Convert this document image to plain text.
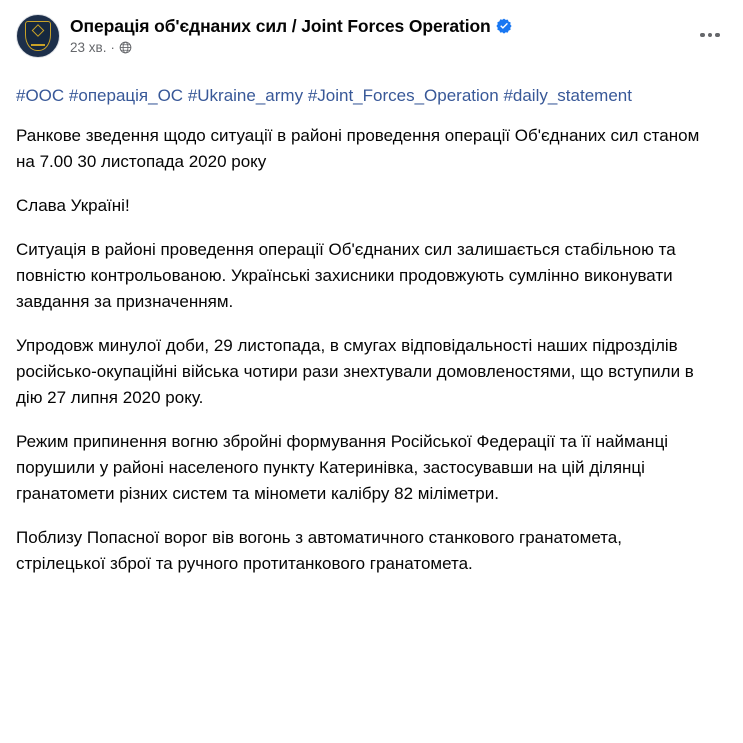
Операція об'єднаних сил / Joint Forces Operation
23 хв. ·
#ООС #операція_ОС #Ukraine_army #Joint_Forces_Operation #daily_statement

Ранкове зведення щодо ситуації в районі проведення операції Об'єднаних сил станом на 7.00 30 листопада 2020 року

Слава Україні!

Ситуація в районі проведення операції Об'єднаних сил залишається стабільною та повністю контрольованою. Українські захисники продовжують сумлінно виконувати завдання за призначенням.

Упродовж минулої доби, 29 листопада, в смугах відповідальності наших підрозділів російсько-окупаційні війська чотири рази знехтували домовленостями, що вступили в дію 27 липня 2020 року.

Режим припинення вогню збройні формування Російської Федерації та її найманці порушили у районі населеного пункту Катеринівка, застосувавши на цій ділянці гранатомети різних систем та міномети калібру 82 міліметри.

Поблизу Попасної ворог вів вогонь з автоматичного станкового гранатомета, стрілецької зброї та ручного протитанкового гранатомета.
